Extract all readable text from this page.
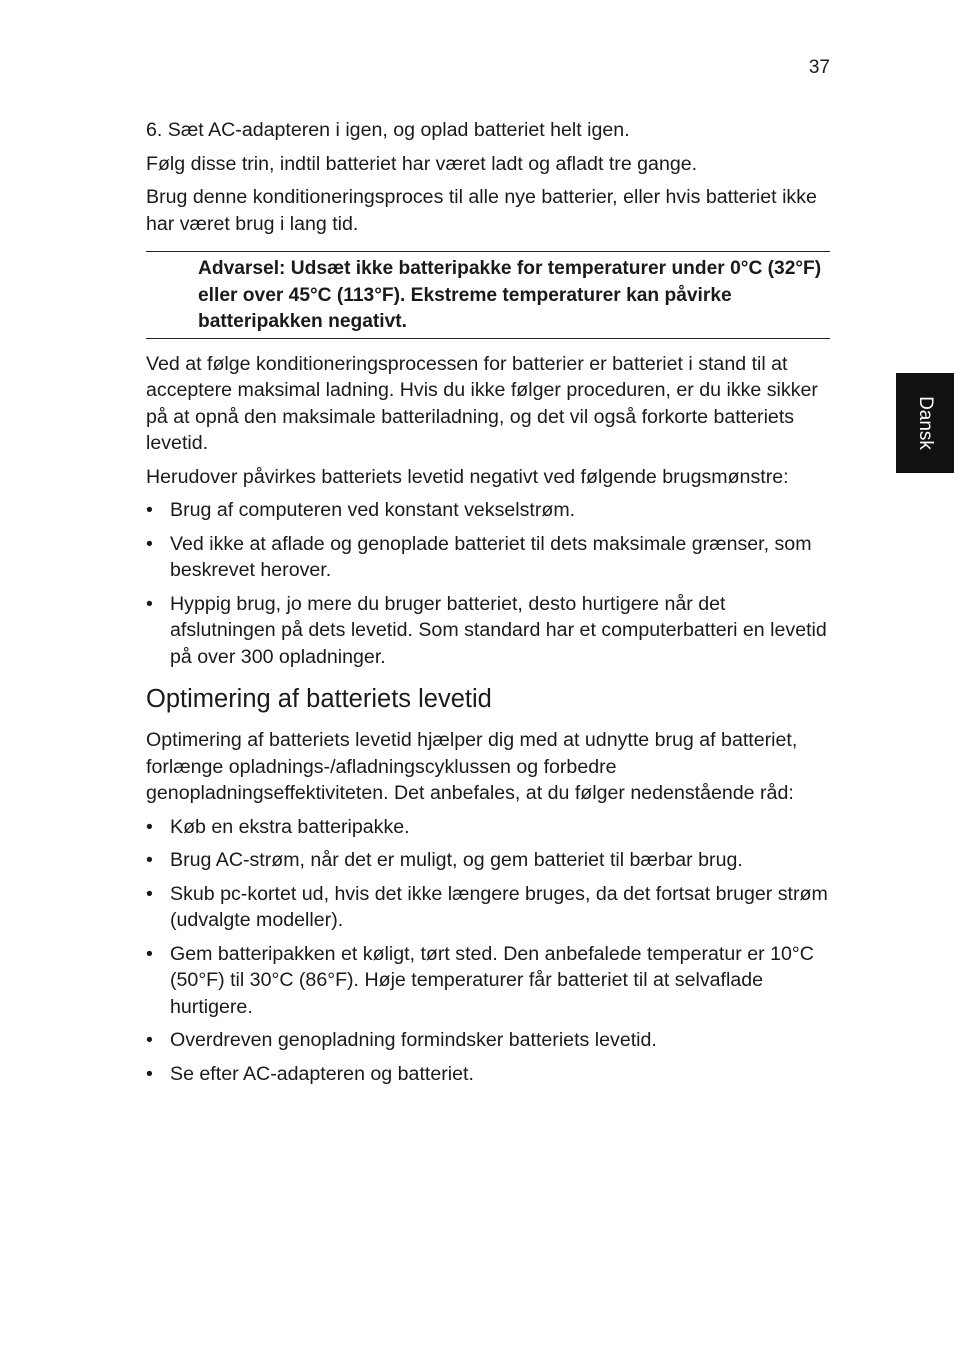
37
Dansk

6. Sæt AC-adapteren i igen, og oplad batteriet helt igen.

Følg disse trin, indtil batteriet har været ladt og afladt tre gange.

Brug denne konditioneringsproces til alle nye batterier, eller hvis batteriet ikke har været brug i lang tid.

Advarsel: Udsæt ikke batteripakke for temperaturer under 0°C (32°F) eller over 45°C (113°F). Ekstreme temperaturer kan påvirke batteripakken negativt.

Ved at følge konditioneringsprocessen for batterier er batteriet i stand til at acceptere maksimal ladning. Hvis du ikke følger proceduren, er du ikke sikker på at opnå den maksimale batteriladning, og det vil også forkorte batteriets levetid.

Herudover påvirkes batteriets levetid negativt ved følgende brugsmønstre:

• Brug af computeren ved konstant vekselstrøm.
• Ved ikke at aflade og genoplade batteriet til dets maksimale grænser, som beskrevet herover.
• Hyppig brug, jo mere du bruger batteriet, desto hurtigere når det afslutningen på dets levetid. Som standard har et computerbatteri en levetid på over 300 opladninger.
Optimering af batteriets levetid

Optimering af batteriets levetid hjælper dig med at udnytte brug af batteriet, forlænge opladnings-/afladningscyklussen og forbedre genopladningseffektiviteten. Det anbefales, at du følger nedenstående råd:

• Køb en ekstra batteripakke.
• Brug AC-strøm, når det er muligt, og gem batteriet til bærbar brug.
• Skub pc-kortet ud, hvis det ikke længere bruges, da det fortsat bruger strøm (udvalgte modeller).
• Gem batteripakken et køligt, tørt sted. Den anbefalede temperatur er 10°C (50°F) til 30°C (86°F). Høje temperaturer får batteriet til at selvaflade hurtigere.
• Overdreven genopladning formindsker batteriets levetid.
• Se efter AC-adapteren og batteriet.
